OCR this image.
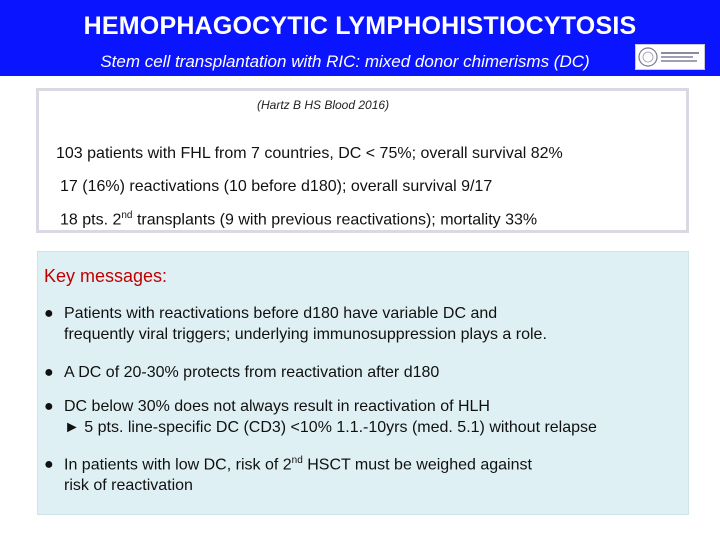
HEMOPHAGOCYTIC LYMPHOHISTIOCYTOSIS
Stem cell transplantation with RIC: mixed donor chimerisms (DC)
(Hartz B HS Blood 2016)
103 patients with FHL from 7 countries, DC < 75%; overall survival 82%
17 (16%) reactivations (10 before d180); overall survival 9/17
18 pts. 2nd transplants (9 with previous reactivations); mortality 33%
Key messages:
● Patients with reactivations before d180 have variable DC and
frequently viral triggers; underlying immunosuppression plays a role.
● A DC of 20-30% protects from reactivation after d180
● DC below 30% does not always result in reactivation of HLH
► 5 pts. line-specific DC (CD3) <10% 1.1.-10yrs (med. 5.1) without relapse
● In patients with low DC, risk of 2nd HSCT must be weighed against
risk of reactivation
